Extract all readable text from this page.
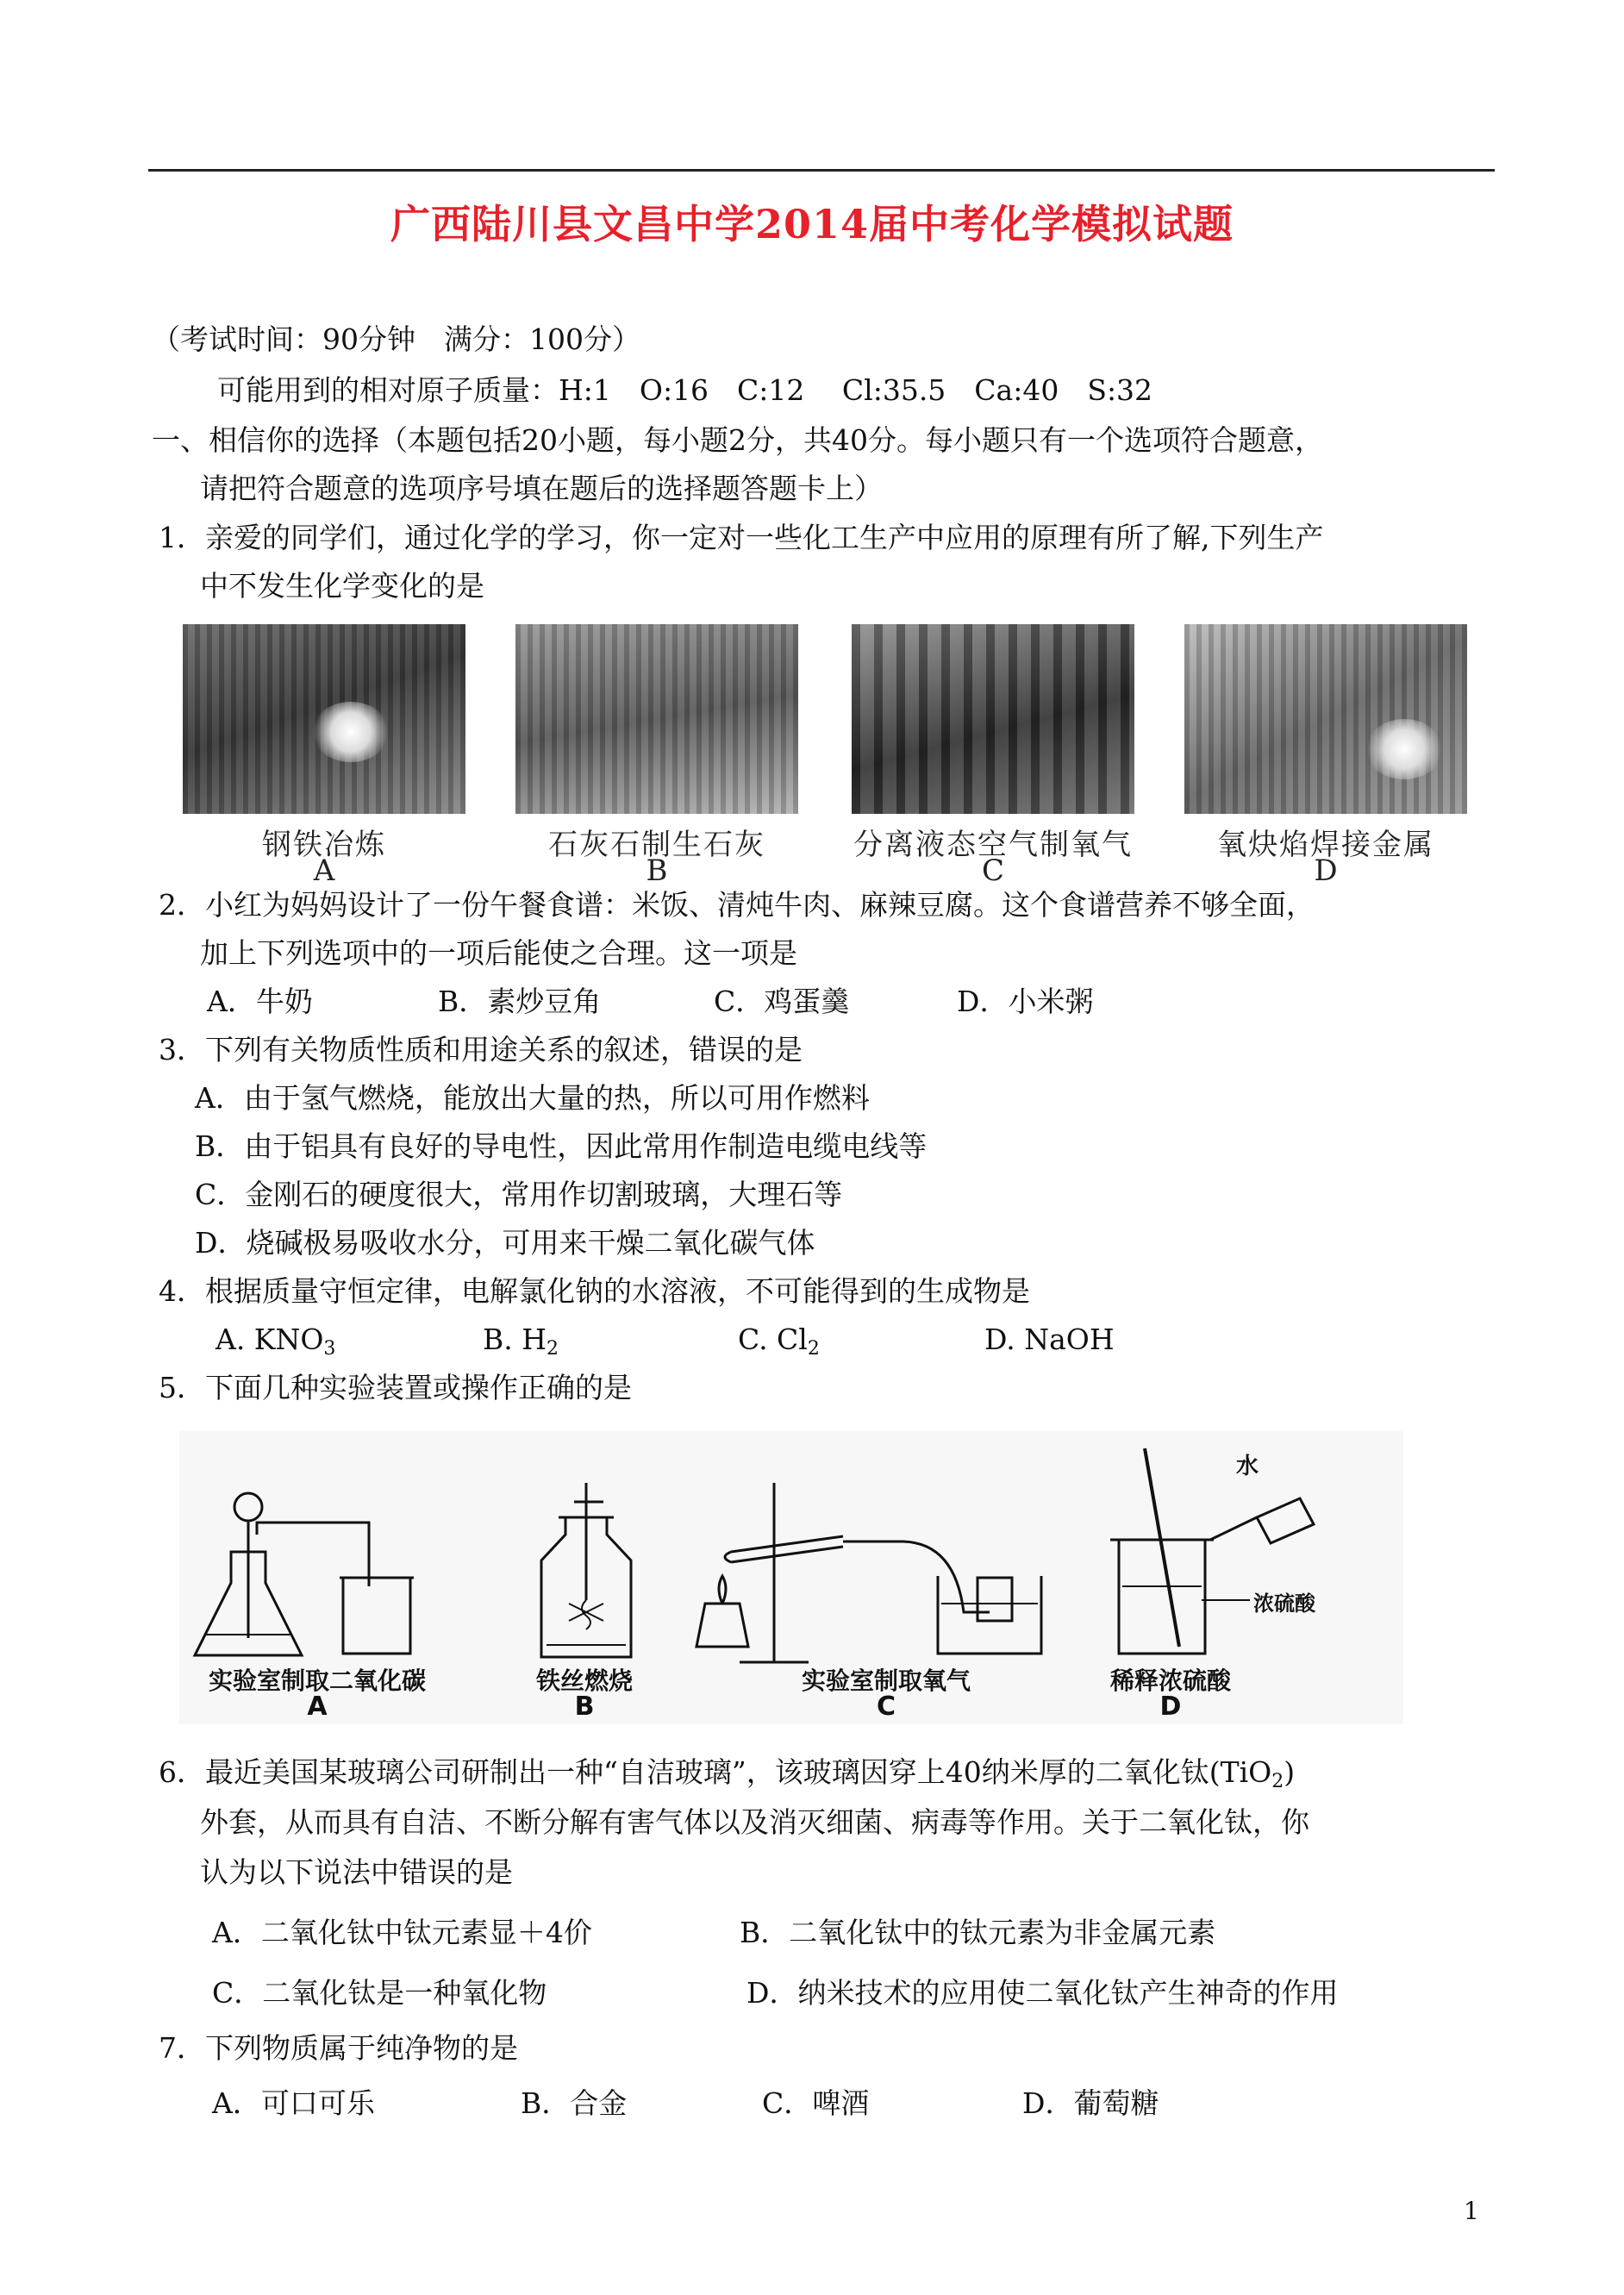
广西陆川县文昌中学2014届中考化学模拟试题
（考试时间：90分钟　满分：100分）
可能用到的相对原子质量：H:1　O:16　C:12　 Cl:35.5　Ca:40　S:32
一、相信你的选择（本题包括20小题，每小题2分，共40分。每小题只有一个选项符合题意，
请把符合题意的选项序号填在题后的选择题答题卡上）
1．亲爱的同学们，通过化学的学习，你一定对一些化工生产中应用的原理有所了解,下列生产
中不发生化学变化的是
钢铁冶炼
A
石灰石制生石灰
B
分离液态空气制氧气
C
氧炔焰焊接金属
D
2．小红为妈妈设计了一份午餐食谱：米饭、清炖牛肉、麻辣豆腐。这个食谱营养不够全面，
加上下列选项中的一项后能使之合理。这一项是
A．牛奶	B．素炒豆角	C．鸡蛋羹	D．小米粥
3．下列有关物质性质和用途关系的叙述，错误的是
A．由于氢气燃烧，能放出大量的热，所以可用作燃料
B．由于铝具有良好的导电性，因此常用作制造电缆电线等
C．金刚石的硬度很大，常用作切割玻璃，大理石等
D．烧碱极易吸收水分，可用来干燥二氧化碳气体
4．根据质量守恒定律，电解氯化钠的水溶液，不可能得到的生成物是
A. $KNO_3$	B. $H_2$	C. $Cl_2$	D. NaOH
5．下面几种实验装置或操作正确的是
水
浓硫酸
实验室制取二氧化碳
A
铁丝燃烧
B
实验室制取氧气
C
稀释浓硫酸
D
6．最近美国某玻璃公司研制出一种“自洁玻璃”，该玻璃因穿上40纳米厚的二氧化钛(TiO$_2$)
外套，从而具有自洁、不断分解有害气体以及消灭细菌、病毒等作用。关于二氧化钛，你
认为以下说法中错误的是
A．二氧化钛中钛元素显＋4价	B．二氧化钛中的钛元素为非金属元素
C．二氧化钛是一种氧化物	D．纳米技术的应用使二氧化钛产生神奇的作用
7．下列物质属于纯净物的是
A．可口可乐	B．合金	C．啤酒	D．葡萄糖
1
